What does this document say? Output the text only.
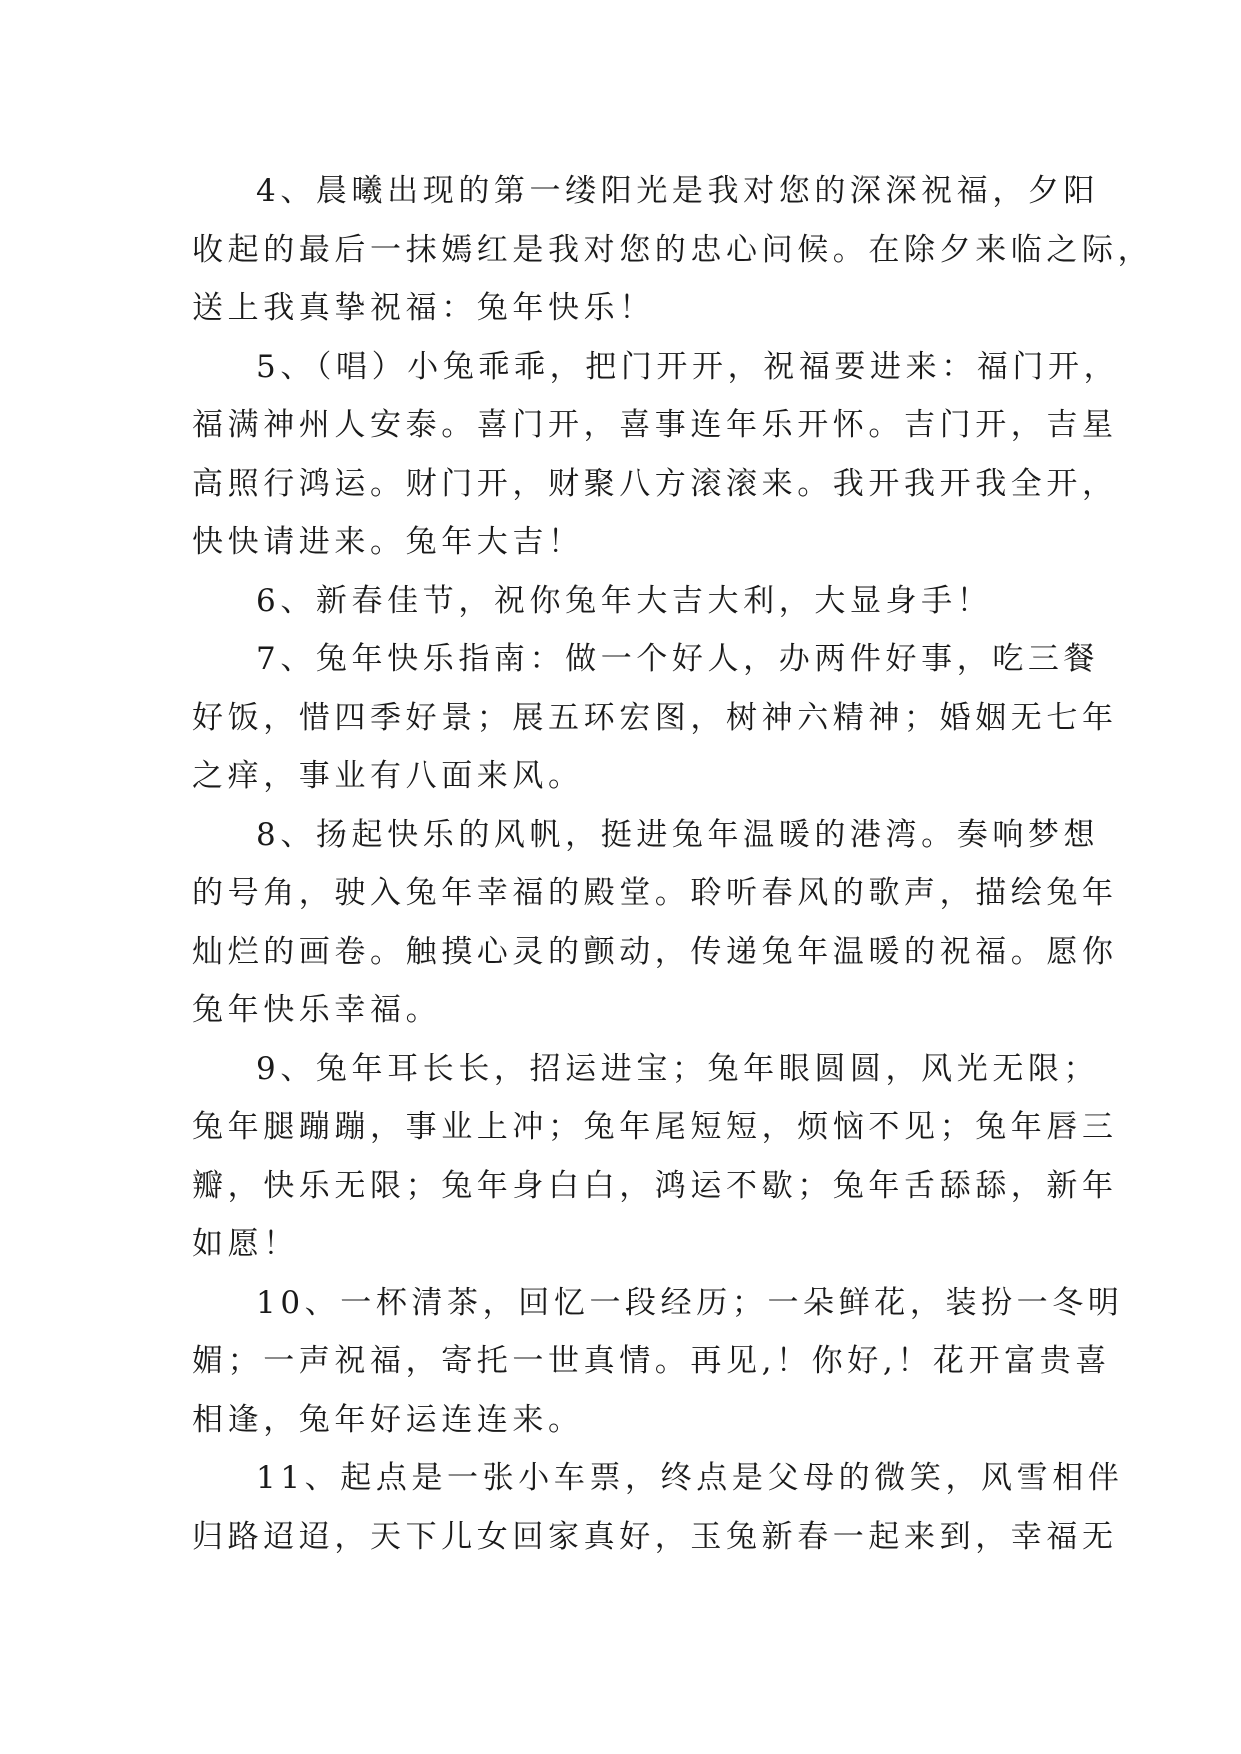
4、晨曦出现的第一缕阳光是我对您的深深祝福，夕阳
收起的最后一抹嫣红是我对您的忠心问候。在除夕来临之际，
送上我真挚祝福：兔年快乐！

5、（唱）小兔乖乖，把门开开，祝福要进来：福门开，
福满神州人安泰。喜门开，喜事连年乐开怀。吉门开，吉星
高照行鸿运。财门开，财聚八方滚滚来。我开我开我全开，
快快请进来。兔年大吉！

6、新春佳节，祝你兔年大吉大利，大显身手！

7、兔年快乐指南：做一个好人，办两件好事，吃三餐
好饭，惜四季好景；展五环宏图，树神六精神；婚姻无七年
之痒，事业有八面来风。

8、扬起快乐的风帆，挺进兔年温暖的港湾。奏响梦想
的号角，驶入兔年幸福的殿堂。聆听春风的歌声，描绘兔年
灿烂的画卷。触摸心灵的颤动，传递兔年温暖的祝福。愿你
兔年快乐幸福。

9、兔年耳长长，招运进宝；兔年眼圆圆，风光无限；
兔年腿蹦蹦，事业上冲；兔年尾短短，烦恼不见；兔年唇三
瓣，快乐无限；兔年身白白，鸿运不歇；兔年舌舔舔，新年
如愿！

10、一杯清茶，回忆一段经历；一朵鲜花，装扮一冬明
媚；一声祝福，寄托一世真情。再见,！你好,！花开富贵喜
相逢，兔年好运连连来。

11、起点是一张小车票，终点是父母的微笑，风雪相伴
归路迢迢，天下儿女回家真好，玉兔新春一起来到，幸福无
